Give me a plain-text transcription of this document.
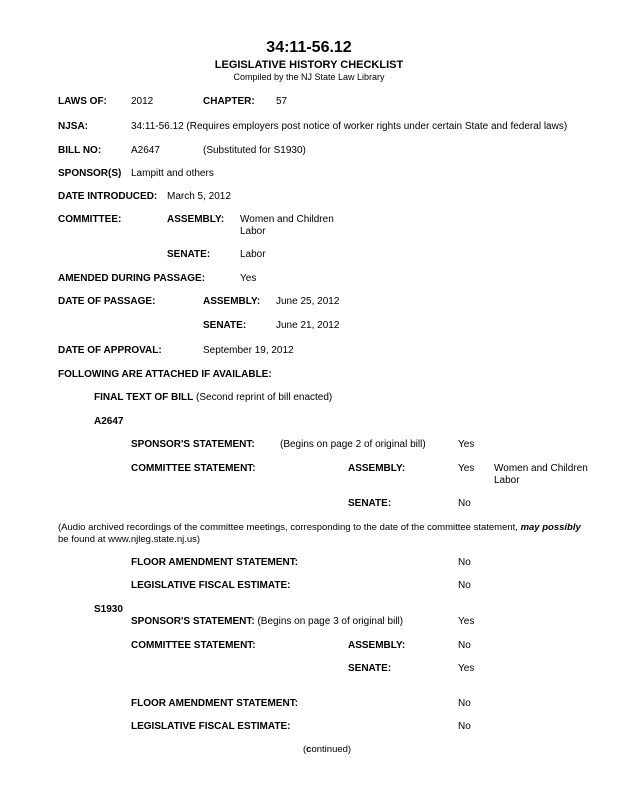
34:11-56.12
LEGISLATIVE HISTORY CHECKLIST
Compiled by the NJ State Law Library
LAWS OF: 2012	CHAPTER: 57
NJSA:	34:11-56.12 (Requires employers post notice of worker rights under certain State and federal laws)
BILL NO:	A2647	(Substituted for S1930)
SPONSOR(S) Lampitt and others
DATE INTRODUCED: March 5, 2012
COMMITTEE:	ASSEMBLY: Women and Children
Labor
SENATE:	Labor
AMENDED DURING PASSAGE:	Yes
DATE OF PASSAGE:	ASSEMBLY: June 25, 2012
SENATE:	June 21, 2012
DATE OF APPROVAL:	September 19, 2012
FOLLOWING ARE ATTACHED IF AVAILABLE:
FINAL TEXT OF BILL (Second reprint of bill enacted)
A2647
SPONSOR'S STATEMENT:	(Begins on page 2 of original bill)	Yes
COMMITTEE STATEMENT:	ASSEMBLY:	Yes Women and Children
Labor
SENATE:	No
(Audio archived recordings of the committee meetings, corresponding to the date of the committee statement, may possibly
be found at www.njleg.state.nj.us)
FLOOR AMENDMENT STATEMENT:	No
LEGISLATIVE FISCAL ESTIMATE:	No
S1930
SPONSOR'S STATEMENT: (Begins on page 3 of original bill)	Yes
COMMITTEE STATEMENT:	ASSEMBLY:	No
SENATE:	Yes
FLOOR AMENDMENT STATEMENT:	No
LEGISLATIVE FISCAL ESTIMATE:	No
(continued)
